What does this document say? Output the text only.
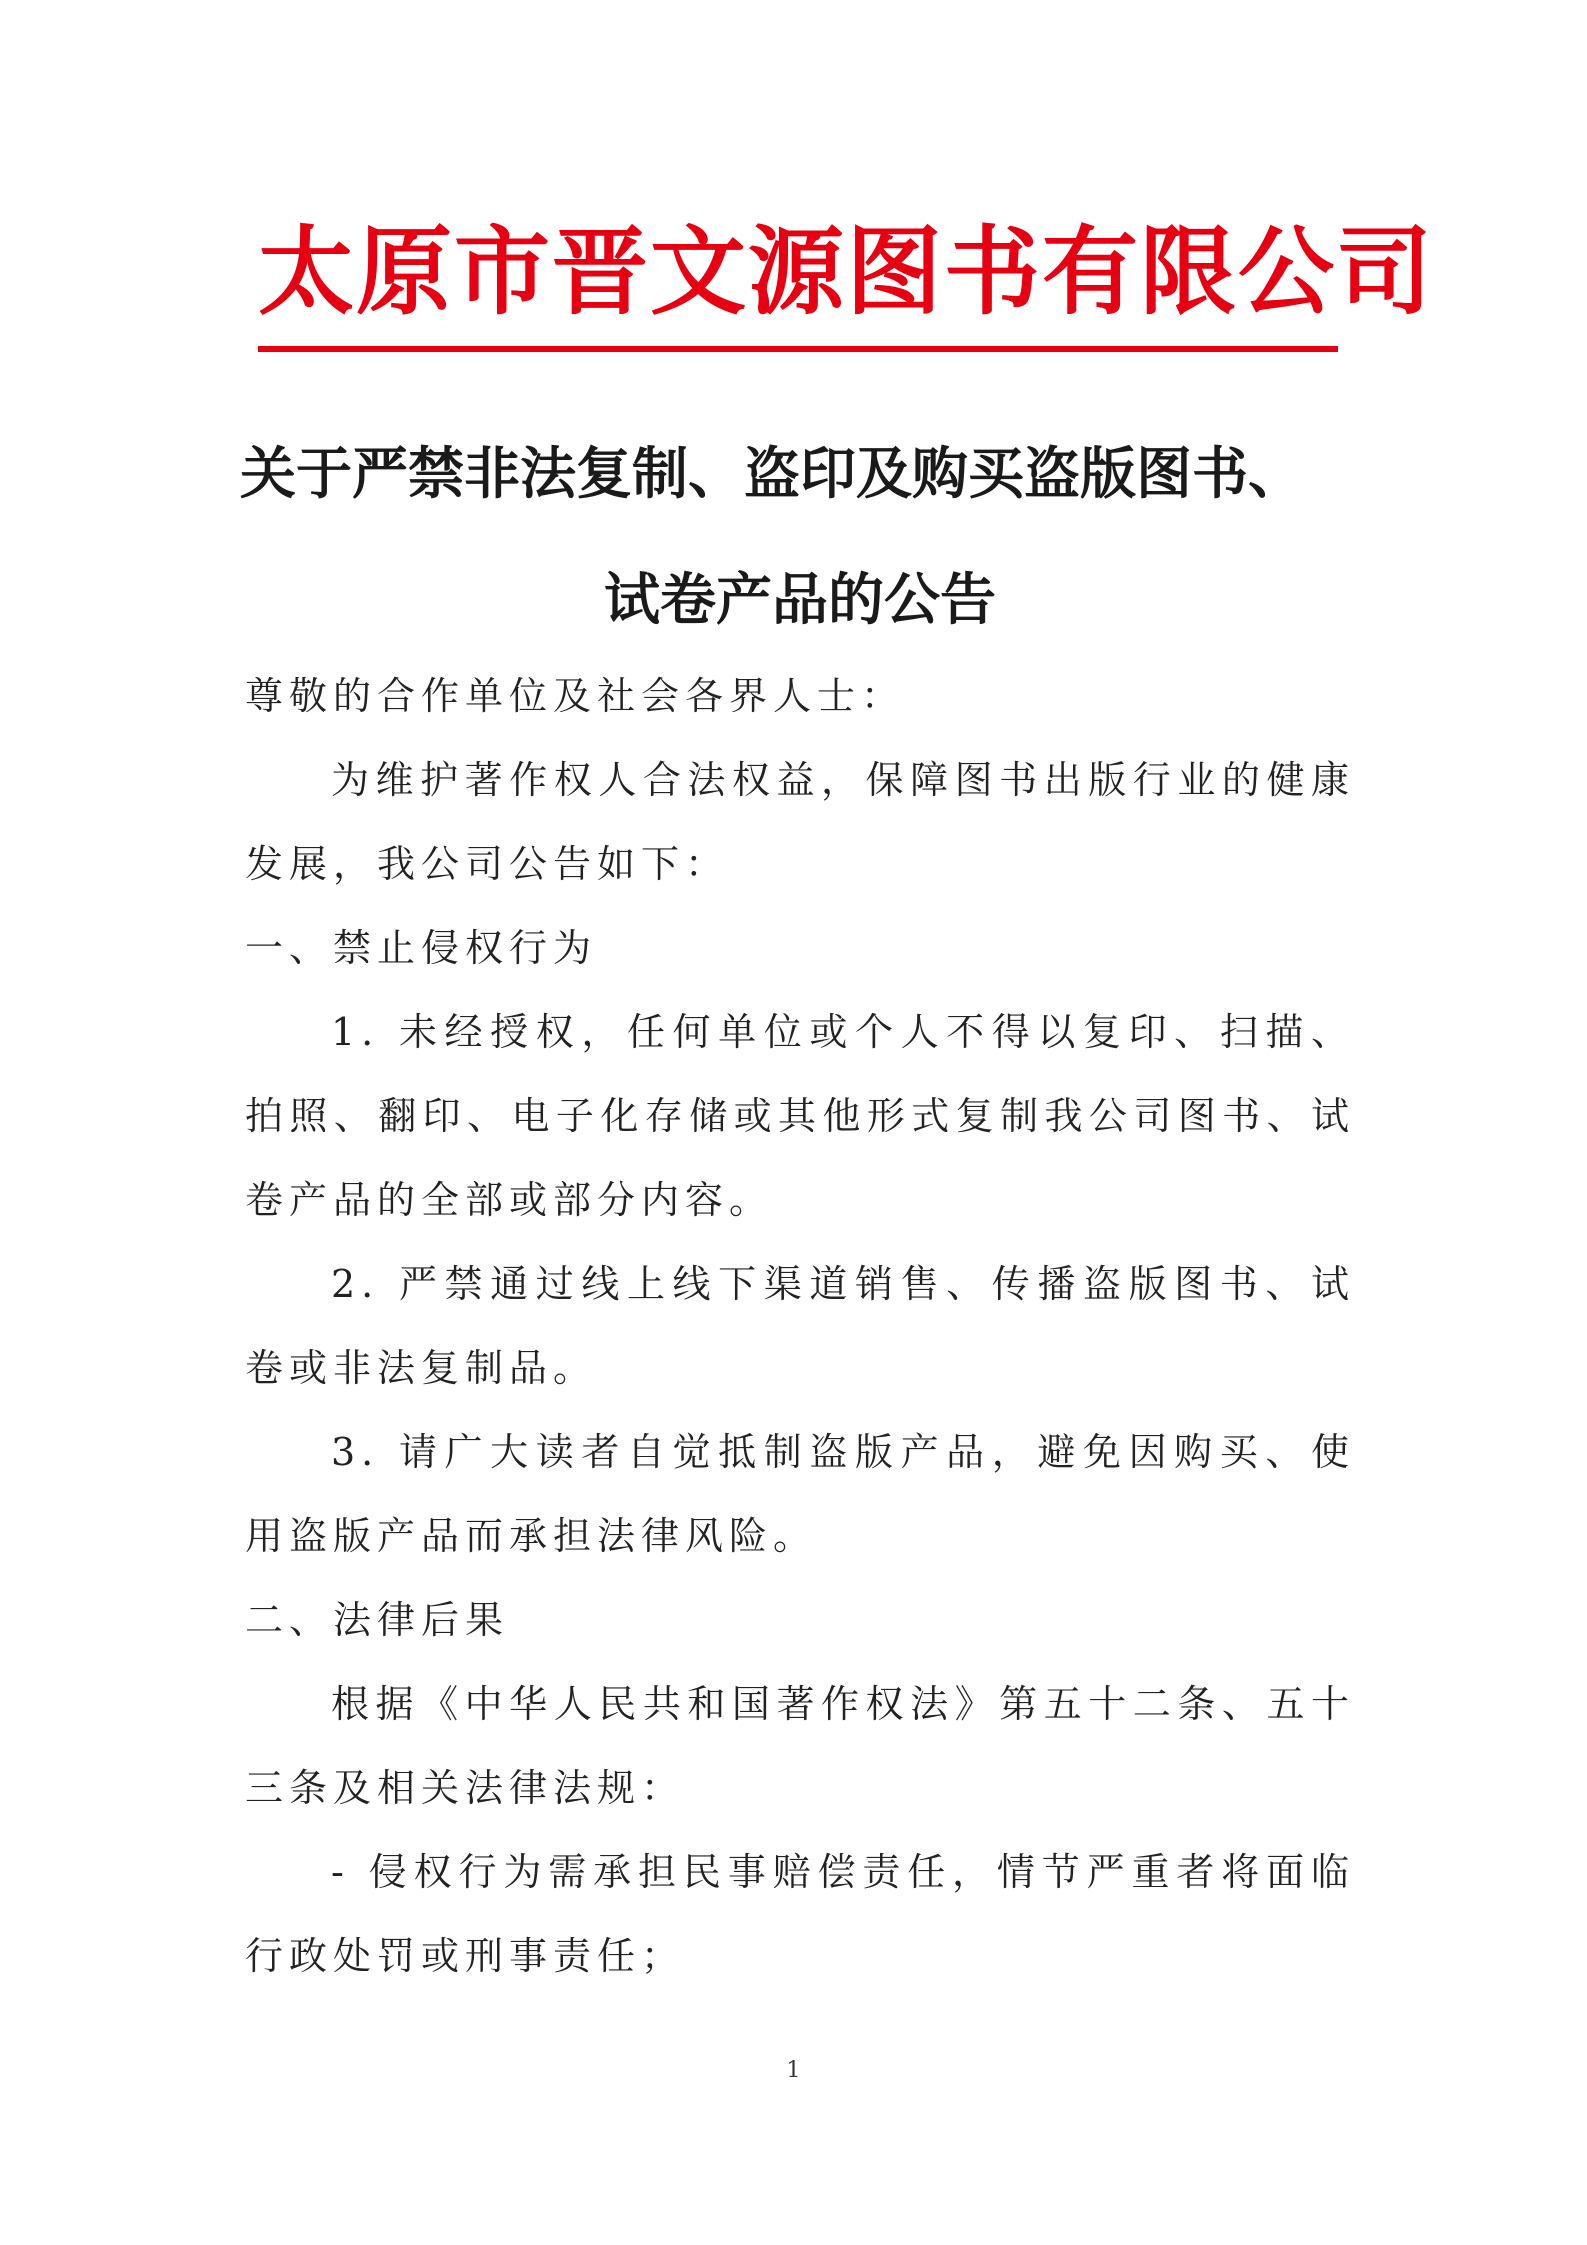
太原市晋文源图书有限公司
关于严禁非法复制、盗印及购买盗版图书、
试卷产品的公告
尊敬的合作单位及社会各界人士：

为维护著作权人合法权益，保障图书出版行业的健康发展，我公司公告如下：

一、禁止侵权行为

1. 未经授权，任何单位或个人不得以复印、扫描、拍照、翻印、电子化存储或其他形式复制我公司图书、试卷产品的全部或部分内容。

2. 严禁通过线上线下渠道销售、传播盗版图书、试卷或非法复制品。

3. 请广大读者自觉抵制盗版产品，避免因购买、使用盗版产品而承担法律风险。

二、法律后果

根据《中华人民共和国著作权法》第五十二条、五十三条及相关法律法规：

- 侵权行为需承担民事赔偿责任，情节严重者将面临行政处罚或刑事责任；

1
